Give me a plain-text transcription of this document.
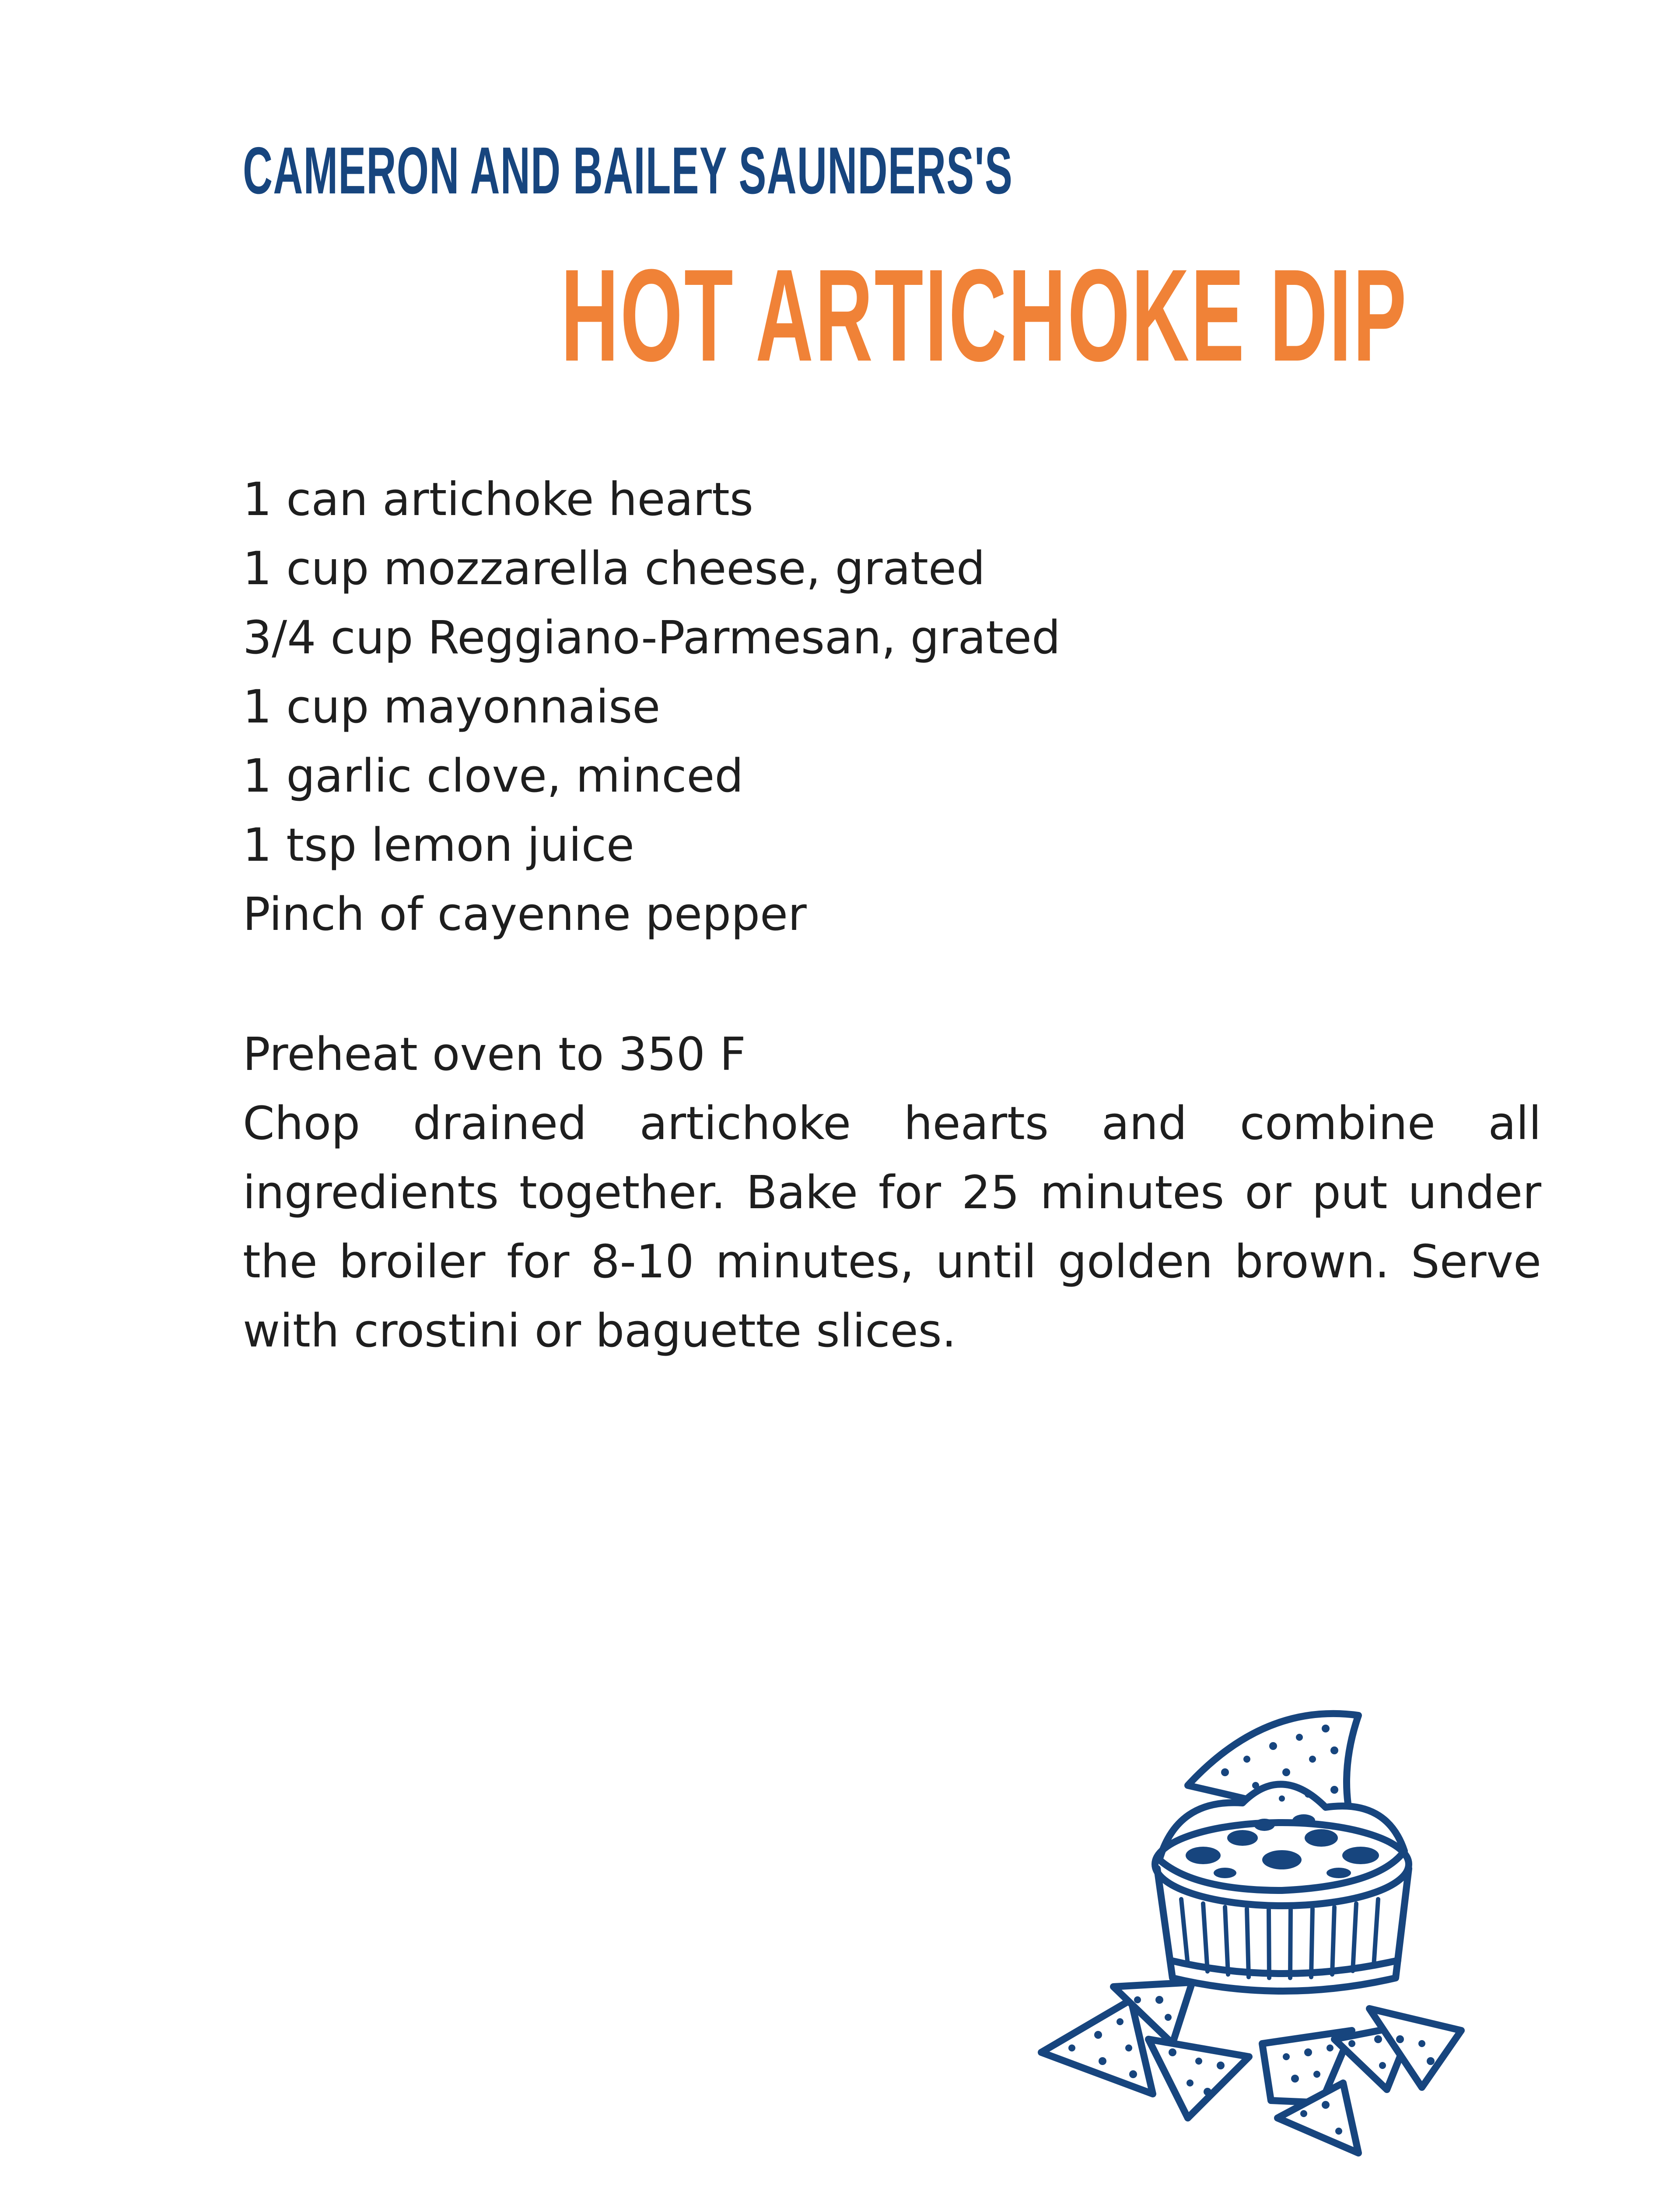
CAMERON AND BAILEY SAUNDERS'S
HOT ARTICHOKE DIP
1 can artichoke hearts
1 cup mozzarella cheese, grated
3/4 cup Reggiano-Parmesan, grated
1 cup mayonnaise
1 garlic clove, minced
1 tsp lemon juice
Pinch of cayenne pepper
Preheat oven to 350 F
Chop drained artichoke hearts and combine all ingredients together. Bake for 25 minutes or put under the broiler for 8-10 minutes, until golden brown. Serve with crostini or baguette slices.
